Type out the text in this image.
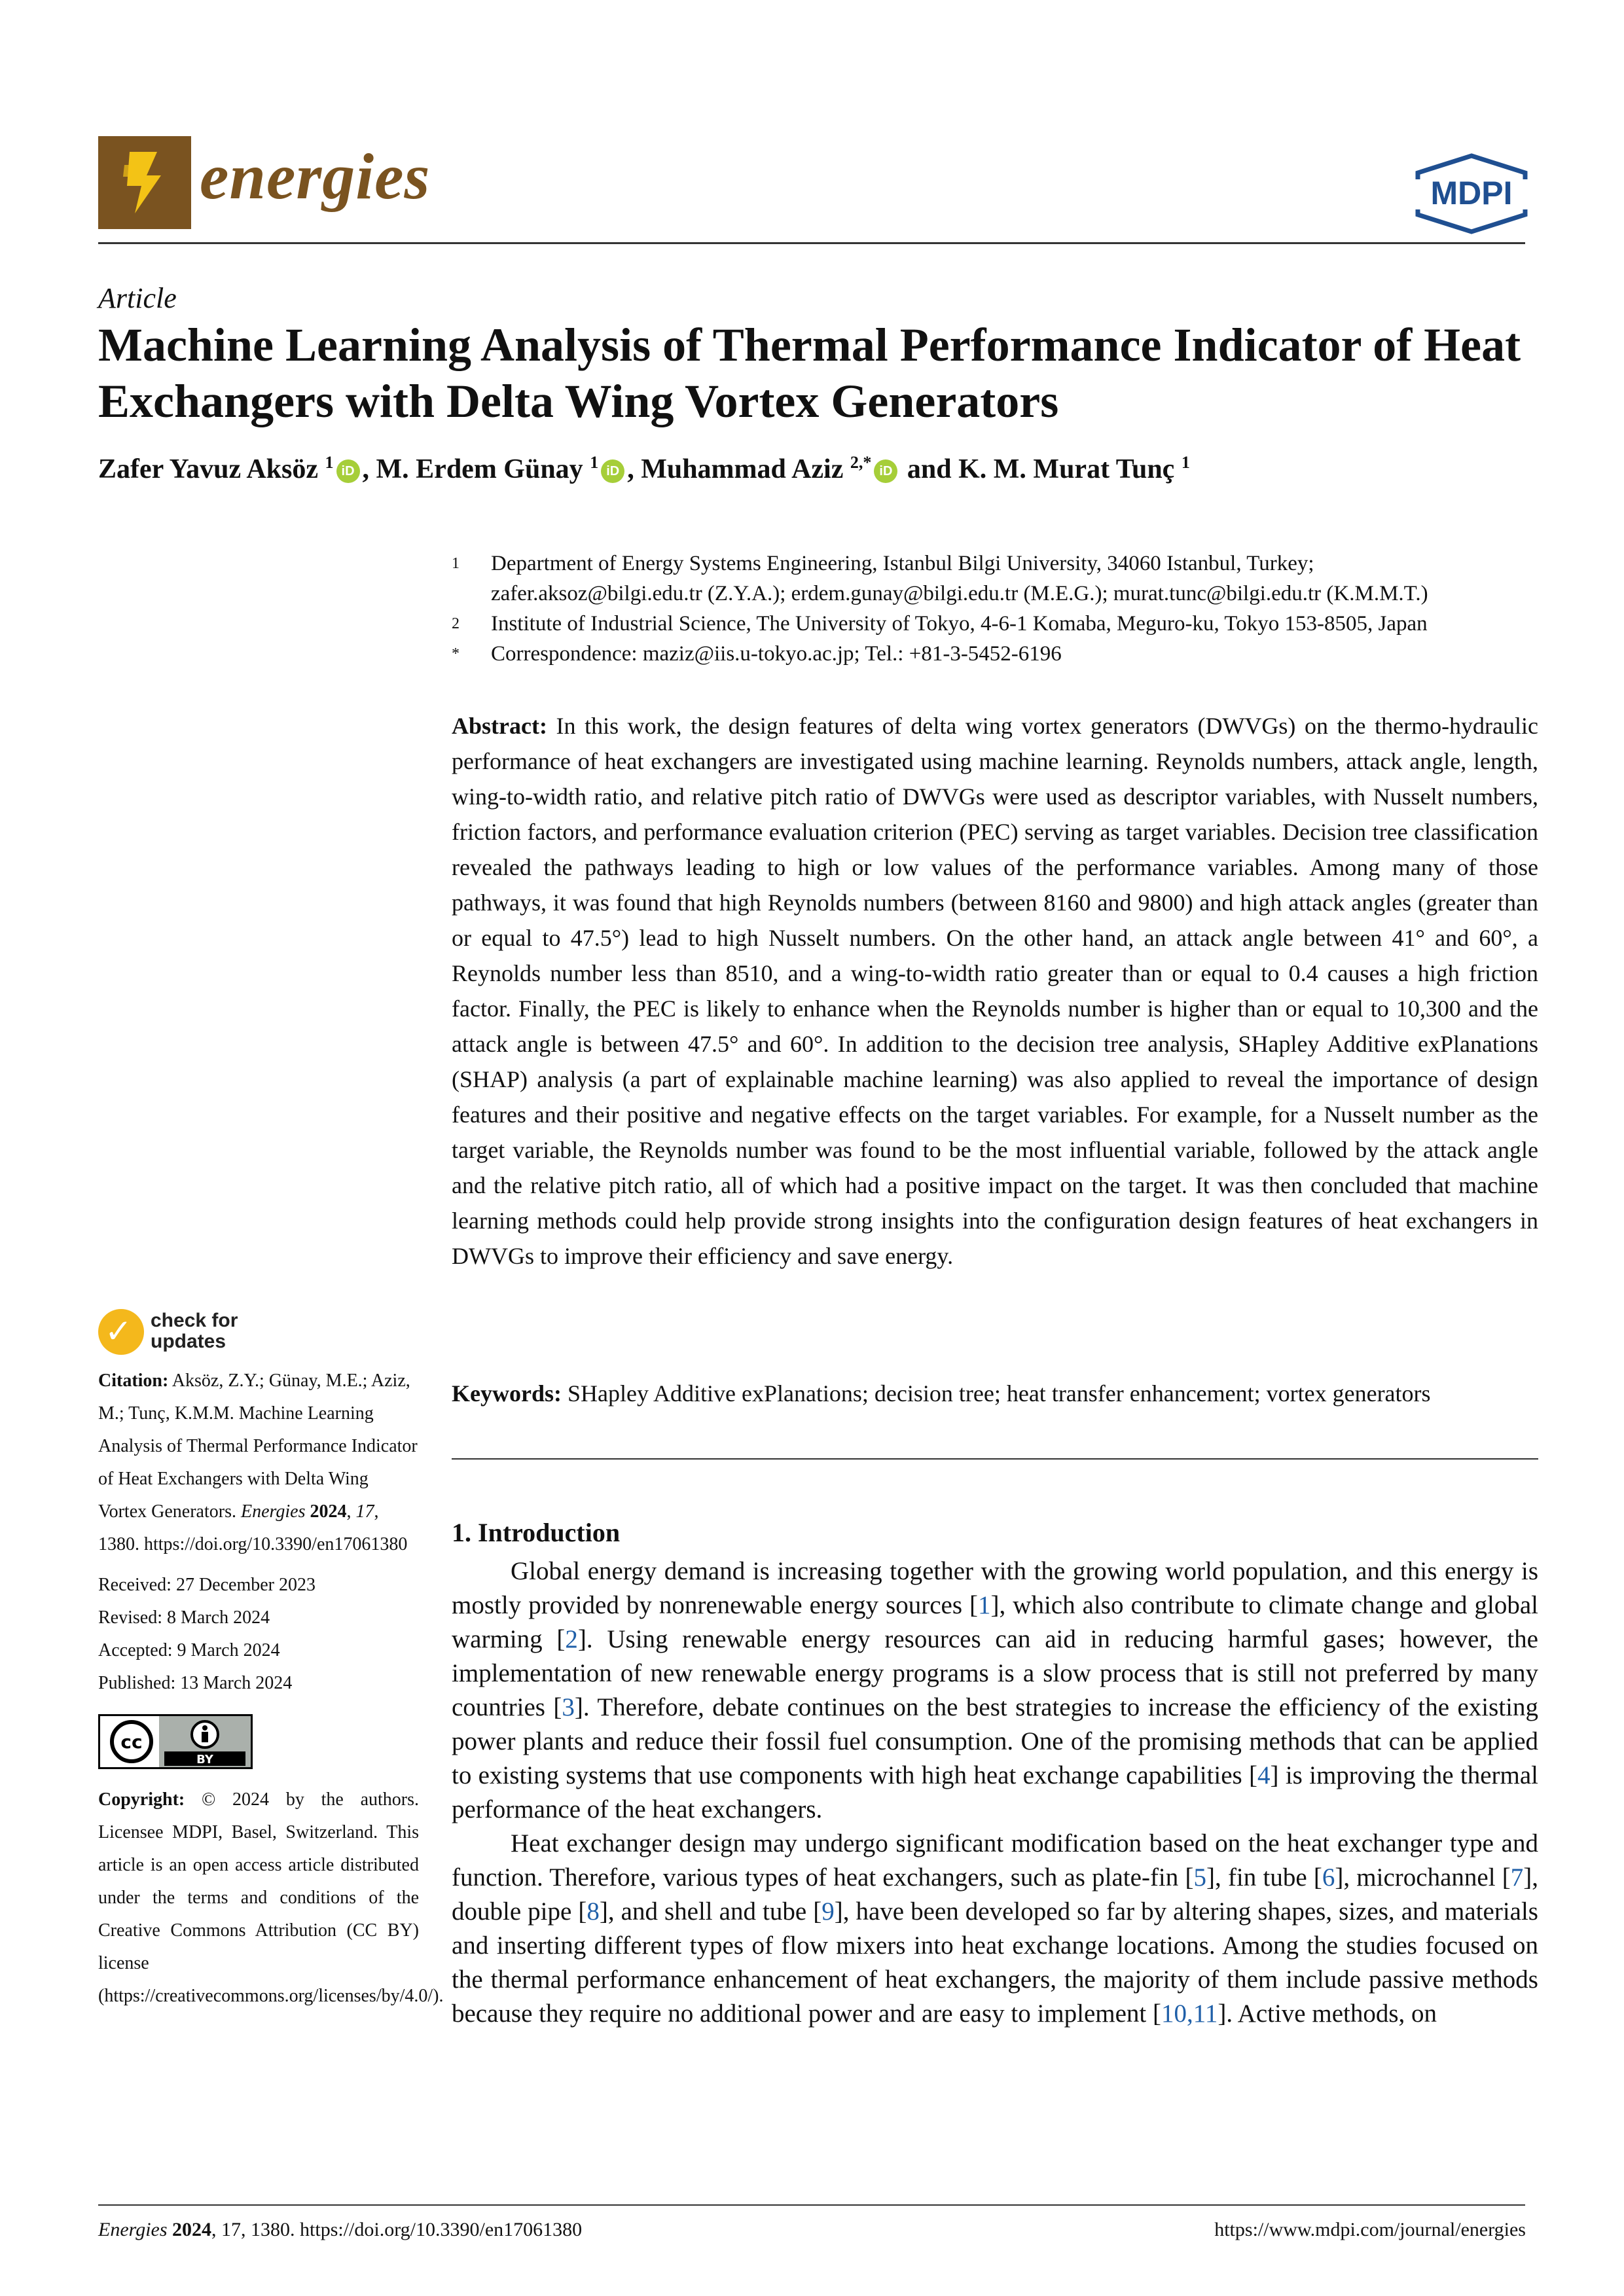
energies	MDPI
Article
Machine Learning Analysis of Thermal Performance Indicator of Heat Exchangers with Delta Wing Vortex Generators
Zafer Yavuz Aksöz $^1$ iD , M. Erdem Günay $^1$ iD , Muhammad Aziz $^{2,*}$ iD and K. M. Murat Tunç $^1$
1 Department of Energy Systems Engineering, Istanbul Bilgi University, 34060 Istanbul, Turkey;
zafer.aksoz@bilgi.edu.tr (Z.Y.A.); erdem.gunay@bilgi.edu.tr (M.E.G.); murat.tunc@bilgi.edu.tr (K.M.M.T.)
2 Institute of Industrial Science, The University of Tokyo, 4-6-1 Komaba, Meguro-ku, Tokyo 153-8505, Japan
* Correspondence: maziz@iis.u-tokyo.ac.jp; Tel.: +81-3-5452-6196
Abstract: In this work, the design features of delta wing vortex generators (DWVGs) on the thermo-hydraulic performance of heat exchangers are investigated using machine learning. Reynolds numbers, attack angle, length, wing-to-width ratio, and relative pitch ratio of DWVGs were used as descriptor variables, with Nusselt numbers, friction factors, and performance evaluation criterion (PEC) serving as target variables. Decision tree classification revealed the pathways leading to high or low values of the performance variables. Among many of those pathways, it was found that high Reynolds numbers (between 8160 and 9800) and high attack angles (greater than or equal to 47.5°) lead to high Nusselt numbers. On the other hand, an attack angle between 41° and 60°, a Reynolds number less than 8510, and a wing-to-width ratio greater than or equal to 0.4 causes a high friction factor. Finally, the PEC is likely to enhance when the Reynolds number is higher than or equal to 10,300 and the attack angle is between 47.5° and 60°. In addition to the decision tree analysis, SHapley Additive exPlanations (SHAP) analysis (a part of explainable machine learning) was also applied to reveal the importance of design features and their positive and negative effects on the target variables. For example, for a Nusselt number as the target variable, the Reynolds number was found to be the most influential variable, followed by the attack angle and the relative pitch ratio, all of which had a positive impact on the target. It was then concluded that machine learning methods could help provide strong insights into the configuration design features of heat exchangers in DWVGs to improve their efficiency and save energy.
Keywords: SHapley Additive exPlanations; decision tree; heat transfer enhancement; vortex generators
1. Introduction

Global energy demand is increasing together with the growing world population, and this energy is mostly provided by nonrenewable energy sources [1], which also contribute to climate change and global warming [2]. Using renewable energy resources can aid in reducing harmful gases; however, the implementation of new renewable energy programs is a slow process that is still not preferred by many countries [3]. Therefore, debate continues on the best strategies to increase the efficiency of the existing power plants and reduce their fossil fuel consumption. One of the promising methods that can be applied to existing systems that use components with high heat exchange capabilities [4] is improving the thermal performance of the heat exchangers.

Heat exchanger design may undergo significant modification based on the heat exchanger type and function. Therefore, various types of heat exchangers, such as plate-fin [5], fin tube [6], microchannel [7], double pipe [8], and shell and tube [9], have been developed so far by altering shapes, sizes, and materials and inserting different types of flow mixers into heat exchange locations. Among the studies focused on the thermal performance enhancement of heat exchangers, the majority of them include passive methods because they require no additional power and are easy to implement [10,11]. Active methods, on

✓ check for
updates
Citation: Aksöz, Z.Y.; Günay, M.E.; Aziz, M.; Tunç, K.M.M. Machine Learning Analysis of Thermal Performance Indicator of Heat Exchangers with Delta Wing Vortex Generators. Energies 2024, 17, 1380. https://doi.org/10.3390/en17061380
Received: 27 December 2023
Revised: 8 March 2024
Accepted: 9 March 2024
Published: 13 March 2024
cc
BY
Copyright: © 2024 by the authors. Licensee MDPI, Basel, Switzerland. This article is an open access article distributed under the terms and conditions of the Creative Commons Attribution (CC BY) license (https://creativecommons.org/licenses/by/4.0/).
Energies 2024, 17, 1380. https://doi.org/10.3390/en17061380	https://www.mdpi.com/journal/energies
